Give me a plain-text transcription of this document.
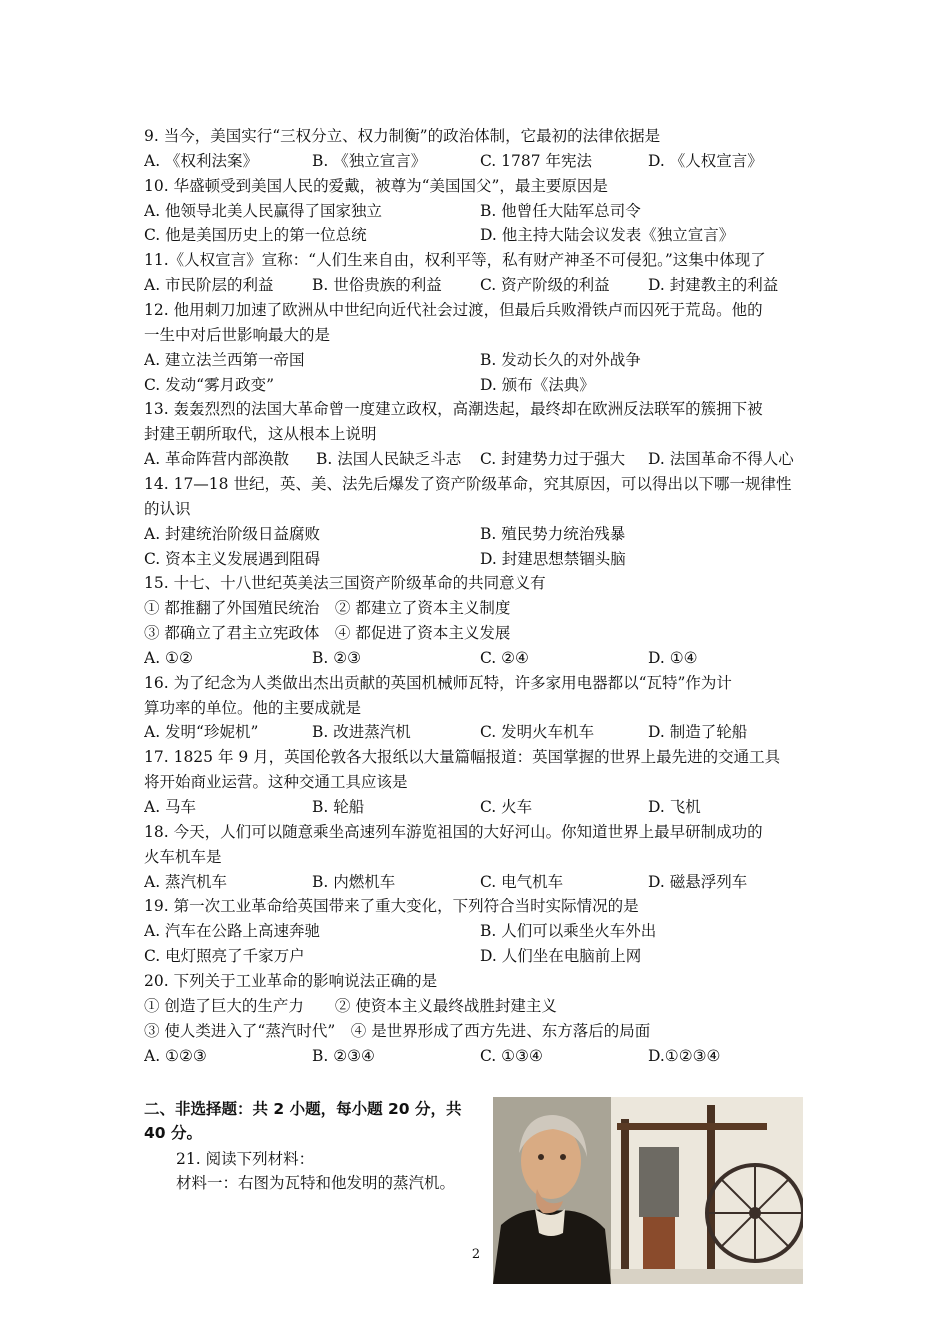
9. 当今，美国实行“三权分立、权力制衡”的政治体制，它最初的法律依据是
A. 《权利法案》	B. 《独立宣言》	C. 1787 年宪法	D. 《人权宣言》
10. 华盛顿受到美国人民的爱戴，被尊为“美国国父”，最主要原因是
A. 他领导北美人民赢得了国家独立	B. 他曾任大陆军总司令
C. 他是美国历史上的第一位总统	D. 他主持大陆会议发表《独立宣言》
11.《人权宣言》宣称：“人们生来自由，权利平等，私有财产神圣不可侵犯。”这集中体现了
A. 市民阶层的利益 B. 世俗贵族的利益 C. 资产阶级的利益 D. 封建教主的利益
12. 他用刺刀加速了欧洲从中世纪向近代社会过渡，但最后兵败滑铁卢而囚死于荒岛。他的
一生中对后世影响最大的是
A. 建立法兰西第一帝国	B. 发动长久的对外战争
C. 发动“雾月政变”	D. 颁布《法典》
13. 轰轰烈烈的法国大革命曾一度建立政权，高潮迭起，最终却在欧洲反法联军的簇拥下被
封建王朝所取代，这从根本上说明
A. 革命阵营内部涣散 B. 法国人民缺乏斗志 C. 封建势力过于强大 D. 法国革命不得人心
14. 17—18 世纪，英、美、法先后爆发了资产阶级革命，究其原因，可以得出以下哪一规律性
的认识
A. 封建统治阶级日益腐败	B. 殖民势力统治残暴
C. 资本主义发展遇到阻碍	D. 封建思想禁锢头脑
15. 十七、十八世纪英美法三国资产阶级革命的共同意义有
① 都推翻了外国殖民统治　② 都建立了资本主义制度
③ 都确立了君主立宪政体　④ 都促进了资本主义发展
A. ①②	B. ②③	C. ②④	D. ①④
16. 为了纪念为人类做出杰出贡献的英国机械师瓦特，许多家用电器都以“瓦特”作为计
算功率的单位。他的主要成就是
A. 发明“珍妮机”	B. 改进蒸汽机	C. 发明火车机车	D. 制造了轮船
17. 1825 年 9 月，英国伦敦各大报纸以大量篇幅报道：英国掌握的世界上最先进的交通工具
将开始商业运营。这种交通工具应该是
A. 马车	B. 轮船	C. 火车	D. 飞机
18. 今天，人们可以随意乘坐高速列车游览祖国的大好河山。你知道世界上最早研制成功的
火车机车是
A. 蒸汽机车	B. 内燃机车	C. 电气机车	D. 磁悬浮列车
19. 第一次工业革命给英国带来了重大变化，下列符合当时实际情况的是
A. 汽车在公路上高速奔驰	B. 人们可以乘坐火车外出
C. 电灯照亮了千家万户	D. 人们坐在电脑前上网
20. 下列关于工业革命的影响说法正确的是
① 创造了巨大的生产力　　② 使资本主义最终战胜封建主义
③ 使人类进入了“蒸汽时代”　④ 是世界形成了西方先进、东方落后的局面
A. ①②③	B. ②③④	C. ①③④	D.①②③④
二、非选择题：共 2 小题，每小题 20 分，共 40 分。
21. 阅读下列材料：
材料一：右图为瓦特和他发明的蒸汽机。
2
